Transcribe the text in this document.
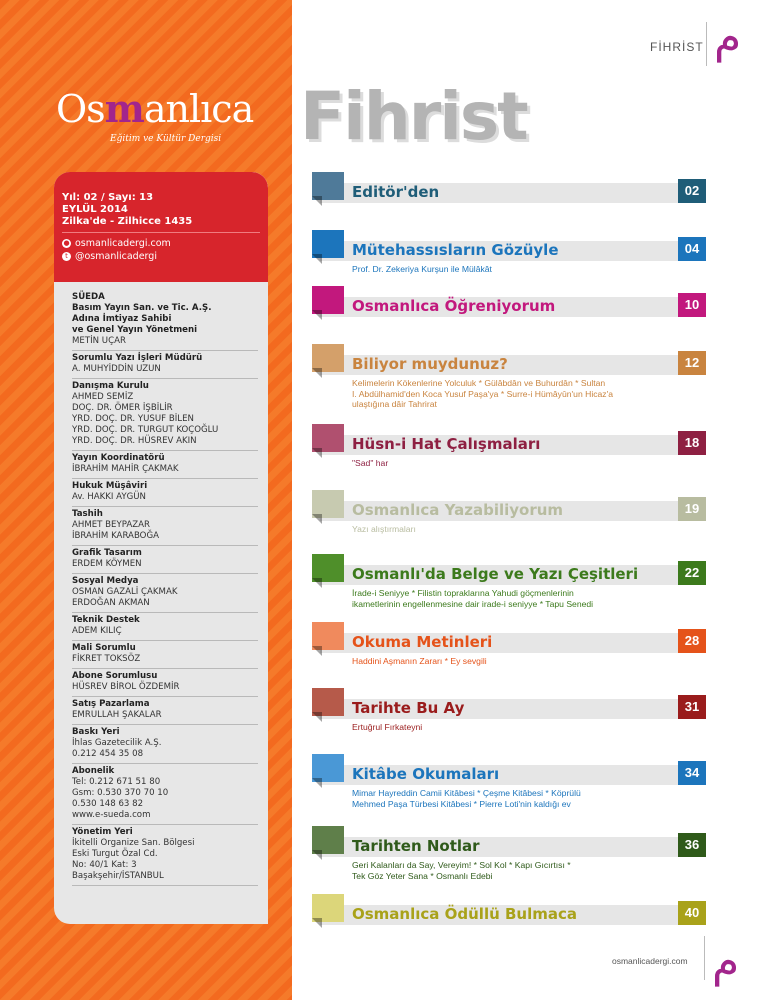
Osmanlıca
Eğitim ve Kültür Dergisi
Yıl: 02 / Sayı: 13
EYLÜL 2014
Zilka'de - Zilhicce 1435
● osmanlicadergi.com
t @osmanlicadergi
SÜEDA
Basım Yayın San. ve Tic. A.Ş.
Adına İmtiyaz Sahibi
ve Genel Yayın Yönetmeni
METİN UÇAR
Sorumlu Yazı İşleri Müdürü
A. MUHYİDDİN UZUN
Danışma Kurulu
AHMED SEMİZ
DOÇ. DR. ÖMER İŞBİLİR
YRD. DOÇ. DR. YUSUF BİLEN
YRD. DOÇ. DR. TURGUT KOÇOĞLU
YRD. DOÇ. DR. HÜSREV AKIN
Yayın Koordinatörü
İBRAHİM MAHİR ÇAKMAK
Hukuk Müşâviri
Av. HAKKI AYGÜN
Tashih
AHMET BEYPAZAR
İBRAHİM KARABOĞA
Grafik Tasarım
ERDEM KÖYMEN
Sosyal Medya
OSMAN GAZALİ ÇAKMAK
ERDOĞAN AKMAN
Teknik Destek
ADEM KILIÇ
Mali Sorumlu
FİKRET TOKSÖZ
Abone Sorumlusu
HÜSREV BİROL ÖZDEMİR
Satış Pazarlama
EMRULLAH ŞAKALAR
Baskı Yeri
İhlas Gazetecilik A.Ş.
0.212 454 35 08
Abonelik
Tel: 0.212 671 51 80
Gsm: 0.530 370 70 10
0.530 148 63 82
www.e-sueda.com
Yönetim Yeri
İkitelli Organize San. Bölgesi
Eski Turgut Özal Cd.
No: 40/1 Kat: 3
Başakşehir/İSTANBUL
FİHRİST م
Fihrist
Editör'den	02
Mütehassısların Gözüyle	04
Prof. Dr. Zekeriya Kurşun ile Mülâkât
Osmanlıca Öğreniyorum	10
Biliyor muydunuz?	12
Kelimelerin Kökenlerine Yolculuk * Gülâbdân ve Buhurdân * Sultan
I. Abdülhamid'den Koca Yusuf Paşa'ya * Surre-i Hümâyûn'un Hicaz'a
ulaştığına dâir Tahrirat
Hüsn-i Hat Çalışmaları	18
"Sad" har
Osmanlıca Yazabiliyorum	19
Yazı alıştırmaları
Osmanlı'da Belge ve Yazı Çeşitleri	22
İrade-i Seniyye * Filistin topraklarına Yahudi göçmenlerinin
ikametlerinin engellenmesine dair irade-i seniyye * Tapu Senedi
Okuma Metinleri	28
Haddini Aşmanın Zararı * Ey sevgili
Tarihte Bu Ay	31
Ertuğrul Fırkateyni
Kitâbe Okumaları	34
Mimar Hayreddin Camii Kitâbesi * Çeşme Kitâbesi * Köprülü
Mehmed Paşa Türbesi Kitâbesi * Pierre Loti'nin kaldığı ev
Tarihten Notlar	36
Geri Kalanları da Say, Vereyim! * Sol Kol * Kapı Gıcırtısı *
Tek Göz Yeter Sana * Osmanlı Edebi
Osmanlıca Ödüllü Bulmaca	40
osmanlicadergi.com م
